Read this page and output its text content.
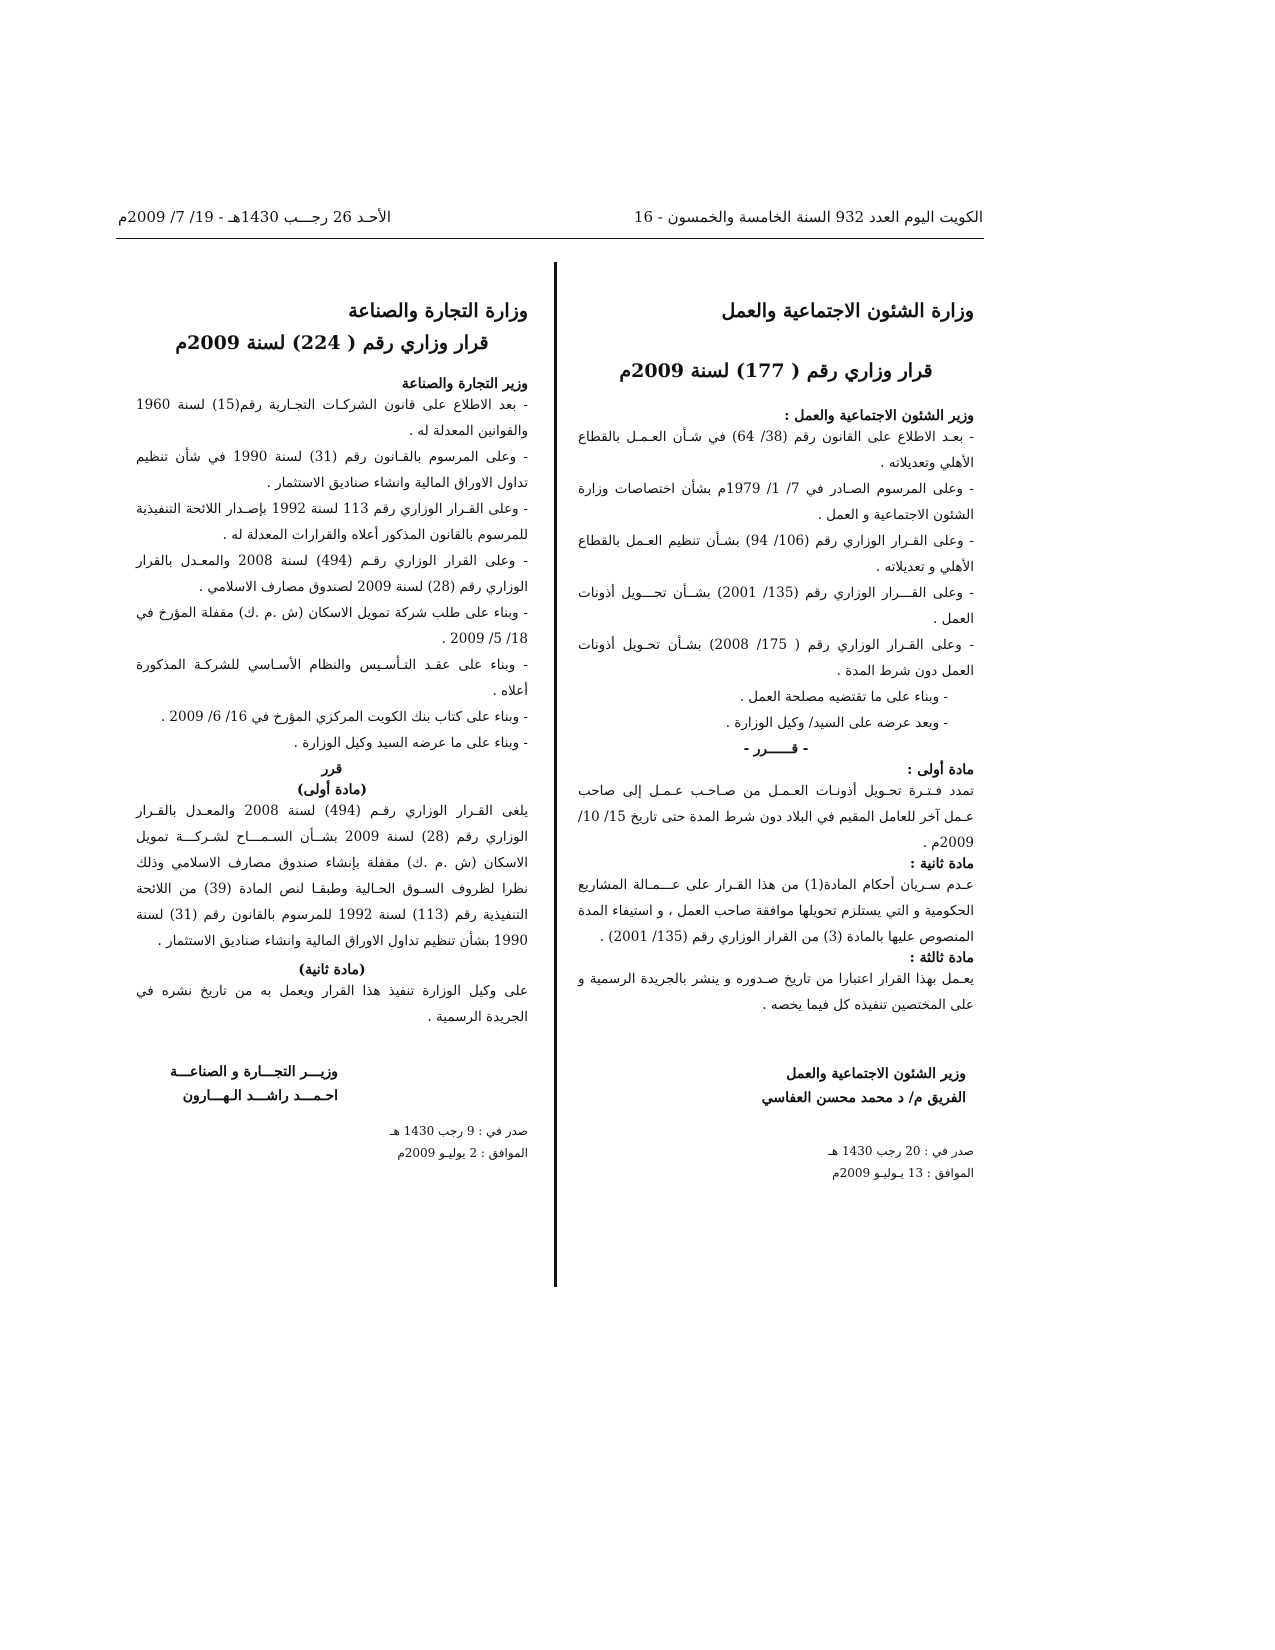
الكويت اليوم العدد 932 السنة الخامسة والخمسون - 16
الأحـد 26 رجـــب 1430هـ - 19/ 7/ 2009م

وزارة الشئون الاجتماعية والعمل

قرار وزاري رقم ( 177) لسنة 2009م

وزير الشئون الاجتماعية والعمل :

- بعـد الاطلاع على القانون رقم (38/ 64) في شـأن العـمـل بالقطاع الأهلي وتعديلاته .

- وعلى المرسوم الصـادر في 7/ 1/ 1979م بشأن اختصاصات وزارة الشئون الاجتماعية و العمل .

- وعلى القـرار الوزاري رقم (106/ 94) بشـأن تنظيم العـمل بالقطاع الأهلي و تعديلاته .

- وعلى القـــرار الوزاري رقم (135/ 2001) بشــأن تحـــويل أذونات العمل .

- وعلى القـرار الوزاري رقم ( 175/ 2008) بشـأن تحـويل أذونات العمل دون شرط المدة .

- وبناء على ما تقتضيه مصلحة العمل .

- وبعد عرضه على السيد/ وكيل الوزارة .

- قــــــرر -

مادة أولى :

تمدد فـتـرة تحـويل أذونـات العـمـل من صـاحـب عـمـل إلى صاحب عـمل آخر للعامل المقيم في البلاد دون شرط المدة حتى تاريخ 15/ 10/ 2009م .

مادة ثانية :

عـدم سـريان أحكام المادة(1) من هذا القـرار على عـــمـالة المشاريع الحكومية و التي يستلزم تحويلها موافقة صاحب العمل ، و استيفاء المدة المنصوص عليها بالمادة (3) من القرار الوزاري رقم (135/ 2001) .

مادة ثالثة :

يعـمل بهذا القرار اعتبارا من تاريخ صـدوره و ينشر بالجريدة الرسمية و على المختصين تنفيذه كل فيما يخصه .

وزير الشئون الاجتماعية والعمل

الفريق م/ د محمد محسن العفاسي

صدر في : 20 رجب 1430 هـ

الموافق : 13 يـوليـو 2009م

وزارة التجارة والصناعة

قرار وزاري رقم ( 224) لسنة 2009م

وزير التجارة والصناعة

- بعد الاطلاع على قانون الشركـات التجـارية رقم(15) لسنة 1960 والقوانين المعدلة له .

- وعلى المرسوم بالقـانون رقم (31) لسنة 1990 في شأن تنظيم تداول الاوراق المالية وانشاء صناديق الاستثمار .

- وعلى القـرار الوزاري رقم 113 لسنة 1992 بإصـدار اللائحة التنفيذية للمرسوم بالقانون المذكور أعلاه والقرارات المعدلة له .

- وعلى القرار الوزاري رقـم (494) لسنة 2008 والمعـدل بالقرار الوزاري رقم (28) لسنة 2009 لصندوق مصارف الاسلامي .

- وبناء على طلب شركة تمويل الاسكان (ش .م .ك) مقفلة المؤرخ في 18/ 5/ 2009 .

- وبناء على عقـد التـأسـيس والنظام الأسـاسي للشركـة المذكورة أعلاه .

- وبناء على كتاب بنك الكويت المركزي المؤرخ في 16/ 6/ 2009 .

- وبناء على ما عرضه السيد وكيل الوزارة .

قرر

(مادة أولى)

يلغى القـرار الوزاري رقـم (494) لسنة 2008 والمعـدل بالقـرار الوزاري رقم (28) لسنة 2009 بشــأن السـمـــاح لشـركـــة تمويل الاسكان (ش .م .ك) مقفلة بإنشاء صندوق مصارف الاسلامي وذلك نظرا لظروف السـوق الحـالية وطبقـا لنص المادة (39) من اللائحة التنفيذية رقم (113) لسنة 1992 للمرسوم بالقانون رقم (31) لسنة 1990 بشأن تنظيم تداول الاوراق المالية وانشاء صناديق الاستثمار .

(مادة ثانية)

على وكيل الوزارة تنفيذ هذا القرار ويعمل به من تاريخ نشره في الجريدة الرسمية .

وزيـــر التجـــارة و الصناعـــة

احـمـــد راشـــد الـهـــارون

صدر في : 9 رجب 1430 هـ

الموافق : 2 يوليـو 2009م
